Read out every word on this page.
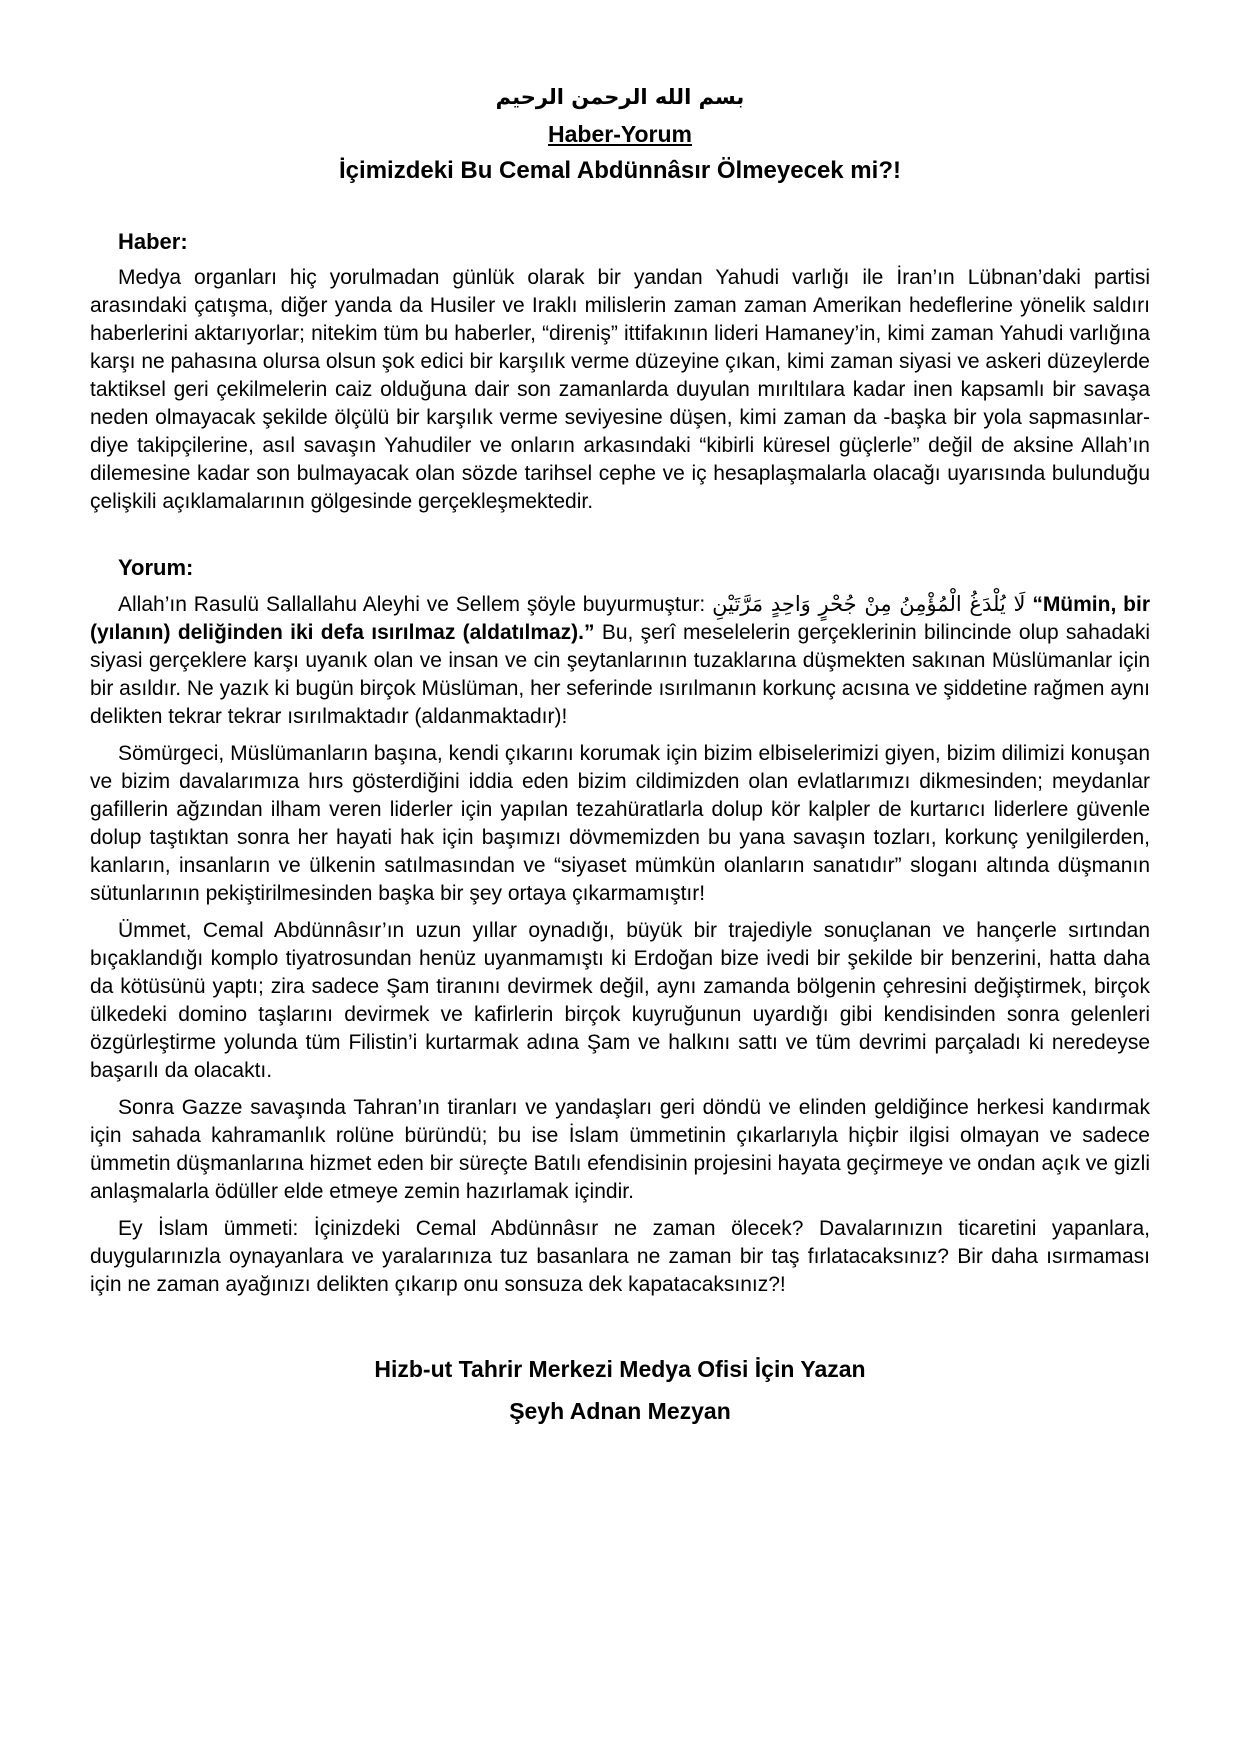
بسم الله الرحمن الرحيم
Haber-Yorum
İçimizdeki Bu Cemal Abdünnâsır Ölmeyecek mi?!
Haber:

Medya organları hiç yorulmadan günlük olarak bir yandan Yahudi varlığı ile İran’ın Lübnan’daki partisi arasındaki çatışma, diğer yanda da Husiler ve Iraklı milislerin zaman zaman Amerikan hedeflerine yönelik saldırı haberlerini aktarıyorlar; nitekim tüm bu haberler, “direniş” ittifakının lideri Hamaney’in, kimi zaman Yahudi varlığına karşı ne pahasına olursa olsun şok edici bir karşılık verme düzeyine çıkan, kimi zaman siyasi ve askeri düzeylerde taktiksel geri çekilmelerin caiz olduğuna dair son zamanlarda duyulan mırıltılara kadar inen kapsamlı bir savaşa neden olmayacak şekilde ölçülü bir karşılık verme seviyesine düşen, kimi zaman da -başka bir yola sapmasınlar- diye takipçilerine, asıl savaşın Yahudiler ve onların arkasındaki “kibirli küresel güçlerle” değil de aksine Allah’ın dilemesine kadar son bulmayacak olan sözde tarihsel cephe ve iç hesaplaşmalarla olacağı uyarısında bulunduğu çelişkili açıklamalarının gölgesinde gerçekleşmektedir.

Yorum:

Allah’ın Rasulü Sallallahu Aleyhi ve Sellem şöyle buyurmuştur: لَا يُلْدَغُ الْمُؤْمِنُ مِنْ جُحْرٍ وَاحِدٍ مَرَّتَيْنِ “Mümin, bir (yılanın) deliğinden iki defa ısırılmaz (aldatılmaz).” Bu, şerî meselelerin gerçeklerinin bilincinde olup sahadaki siyasi gerçeklere karşı uyanık olan ve insan ve cin şeytanlarının tuzaklarına düşmekten sakınan Müslümanlar için bir asıldır. Ne yazık ki bugün birçok Müslüman, her seferinde ısırılmanın korkunç acısına ve şiddetine rağmen aynı delikten tekrar tekrar ısırılmaktadır (aldanmaktadır)!

Sömürgeci, Müslümanların başına, kendi çıkarını korumak için bizim elbiselerimizi giyen, bizim dilimizi konuşan ve bizim davalarımıza hırs gösterdiğini iddia eden bizim cildimizden olan evlatlarımızı dikmesinden; meydanlar gafillerin ağzından ilham veren liderler için yapılan tezahüratlarla dolup kör kalpler de kurtarıcı liderlere güvenle dolup taştıktan sonra her hayati hak için başımızı dövmemizden bu yana savaşın tozları, korkunç yenilgilerden, kanların, insanların ve ülkenin satılmasından ve “siyaset mümkün olanların sanatıdır” sloganı altında düşmanın sütunlarının pekiştirilmesinden başka bir şey ortaya çıkarmamıştır!

Ümmet, Cemal Abdünnâsır’ın uzun yıllar oynadığı, büyük bir trajediyle sonuçlanan ve hançerle sırtından bıçaklandığı komplo tiyatrosundan henüz uyanmamıştı ki Erdoğan bize ivedi bir şekilde bir benzerini, hatta daha da kötüsünü yaptı; zira sadece Şam tiranını devirmek değil, aynı zamanda bölgenin çehresini değiştirmek, birçok ülkedeki domino taşlarını devirmek ve kafirlerin birçok kuyruğunun uyardığı gibi kendisinden sonra gelenleri özgürleştirme yolunda tüm Filistin’i kurtarmak adına Şam ve halkını sattı ve tüm devrimi parçaladı ki neredeyse başarılı da olacaktı.

Sonra Gazze savaşında Tahran’ın tiranları ve yandaşları geri döndü ve elinden geldiğince herkesi kandırmak için sahada kahramanlık rolüne büründü; bu ise İslam ümmetinin çıkarlarıyla hiçbir ilgisi olmayan ve sadece ümmetin düşmanlarına hizmet eden bir süreçte Batılı efendisinin projesini hayata geçirmeye ve ondan açık ve gizli anlaşmalarla ödüller elde etmeye zemin hazırlamak içindir.

Ey İslam ümmeti: İçinizdeki Cemal Abdünnâsır ne zaman ölecek? Davalarınızın ticaretini yapanlara, duygularınızla oynayanlara ve yaralarınıza tuz basanlara ne zaman bir taş fırlatacaksınız? Bir daha ısırmaması için ne zaman ayağınızı delikten çıkarıp onu sonsuza dek kapatacaksınız?!

Hizb-ut Tahrir Merkezi Medya Ofisi İçin Yazan
Şeyh Adnan Mezyan
